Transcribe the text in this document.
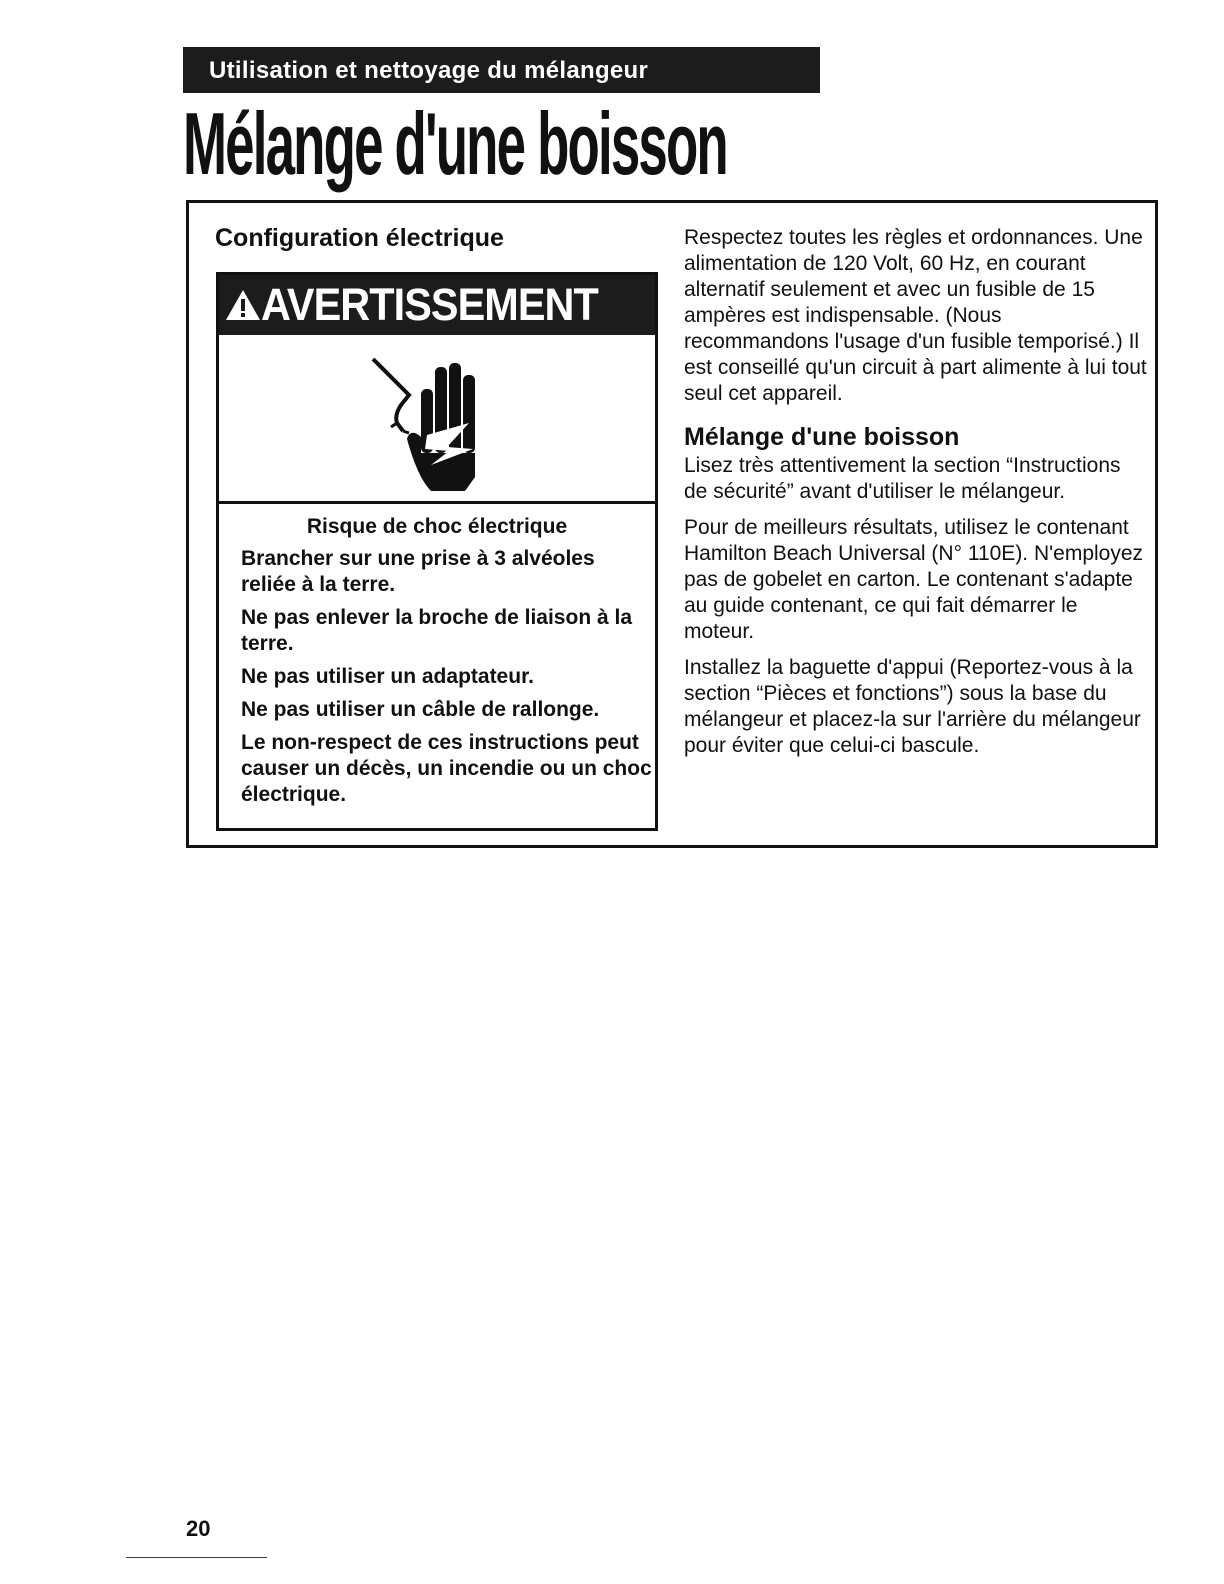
Utilisation et nettoyage du mélangeur
Mélange d'une boisson
Configuration électrique
AVERTISSEMENT

Risque de choc électrique

Brancher sur une prise à 3 alvéoles reliée à la terre.

Ne pas enlever la broche de liaison à la terre.

Ne pas utiliser un adaptateur.

Ne pas utiliser un câble de rallonge.

Le non-respect de ces instructions peut causer un décès, un incendie ou un choc électrique.

Respectez toutes les règles et ordonnances. Une alimentation de 120 Volt, 60 Hz, en courant alternatif seulement et avec un fusible de 15 ampères est indispensable. (Nous recommandons l'usage d'un fusible temporisé.) Il est conseillé qu'un circuit à part alimente à lui tout seul cet appareil.

Mélange d'une boisson

Lisez très attentivement la section “Instructions de sécurité” avant d'utiliser le mélangeur.

Pour de meilleurs résultats, utilisez le contenant Hamilton Beach Universal (N° 110E). N'employez pas de gobelet en carton. Le contenant s'adapte au guide contenant, ce qui fait démarrer le moteur.

Installez la baguette d'appui (Reportez-vous à la section “Pièces et fonctions”) sous la base du mélangeur et placez-la sur l'arrière du mélangeur pour éviter que celui-ci bascule.

20
